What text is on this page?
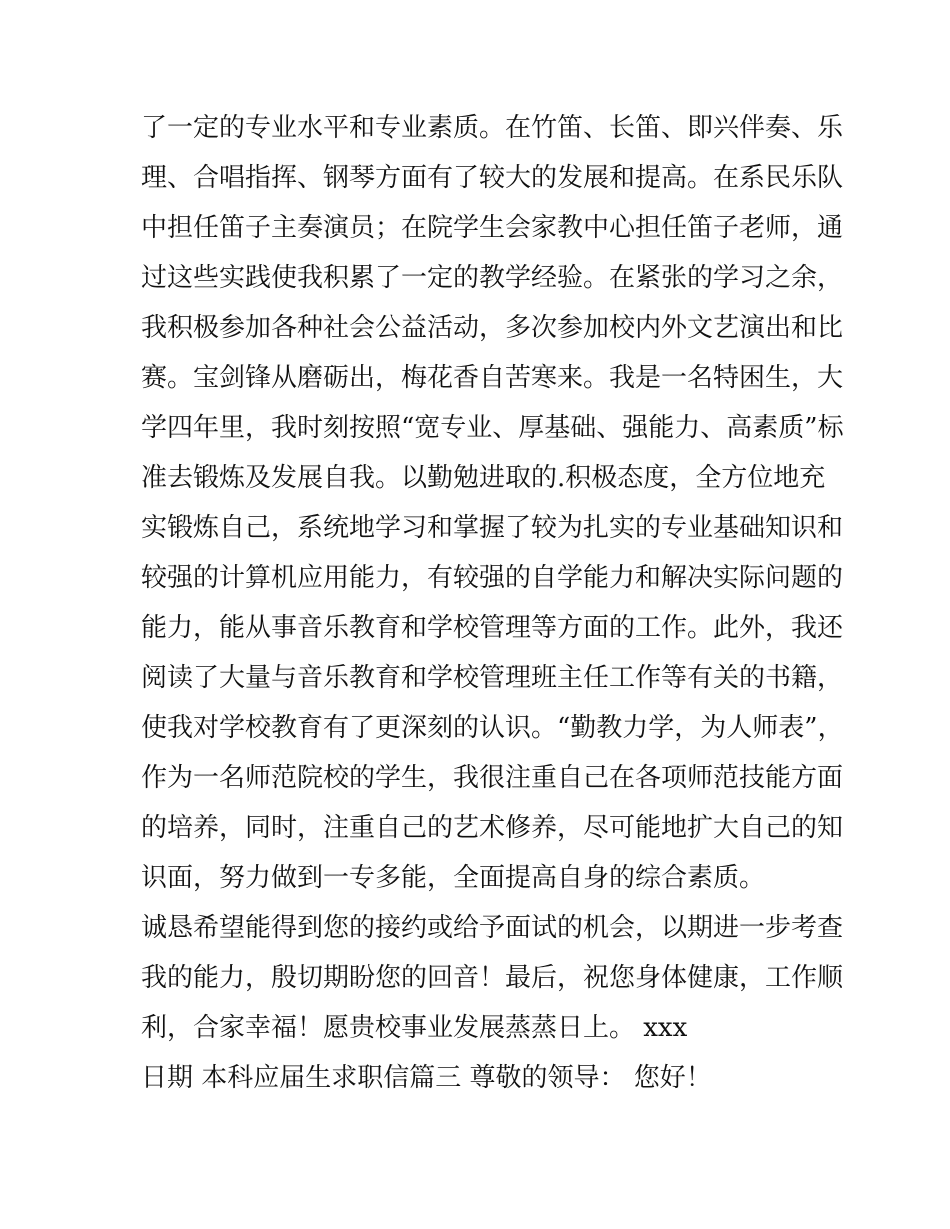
了一定的专业水平和专业素质。在竹笛、长笛、即兴伴奏、乐
理、合唱指挥、钢琴方面有了较大的发展和提高。在系民乐队
中担任笛子主奏演员；在院学生会家教中心担任笛子老师，通
过这些实践使我积累了一定的教学经验。在紧张的学习之余，
我积极参加各种社会公益活动，多次参加校内外文艺演出和比
赛。宝剑锋从磨砺出，梅花香自苦寒来。我是一名特困生，大
学四年里，我时刻按照“宽专业、厚基础、强能力、高素质”标
准去锻炼及发展自我。以勤勉进取的.积极态度，全方位地充
实锻炼自己，系统地学习和掌握了较为扎实的专业基础知识和
较强的计算机应用能力，有较强的自学能力和解决实际问题的
能力，能从事音乐教育和学校管理等方面的工作。此外，我还
阅读了大量与音乐教育和学校管理班主任工作等有关的书籍，
使我对学校教育有了更深刻的认识。“勤教力学，为人师表”，
作为一名师范院校的学生，我很注重自己在各项师范技能方面
的培养，同时，注重自己的艺术修养，尽可能地扩大自己的知
识面，努力做到一专多能，全面提高自身的综合素质。
诚恳希望能得到您的接约或给予面试的机会，以期进一步考查
我的能力，殷切期盼您的回音！最后，祝您身体健康，工作顺
利，合家幸福！愿贵校事业发展蒸蒸日上。 xxx
日期 本科应届生求职信篇三 尊敬的领导： 您好！
